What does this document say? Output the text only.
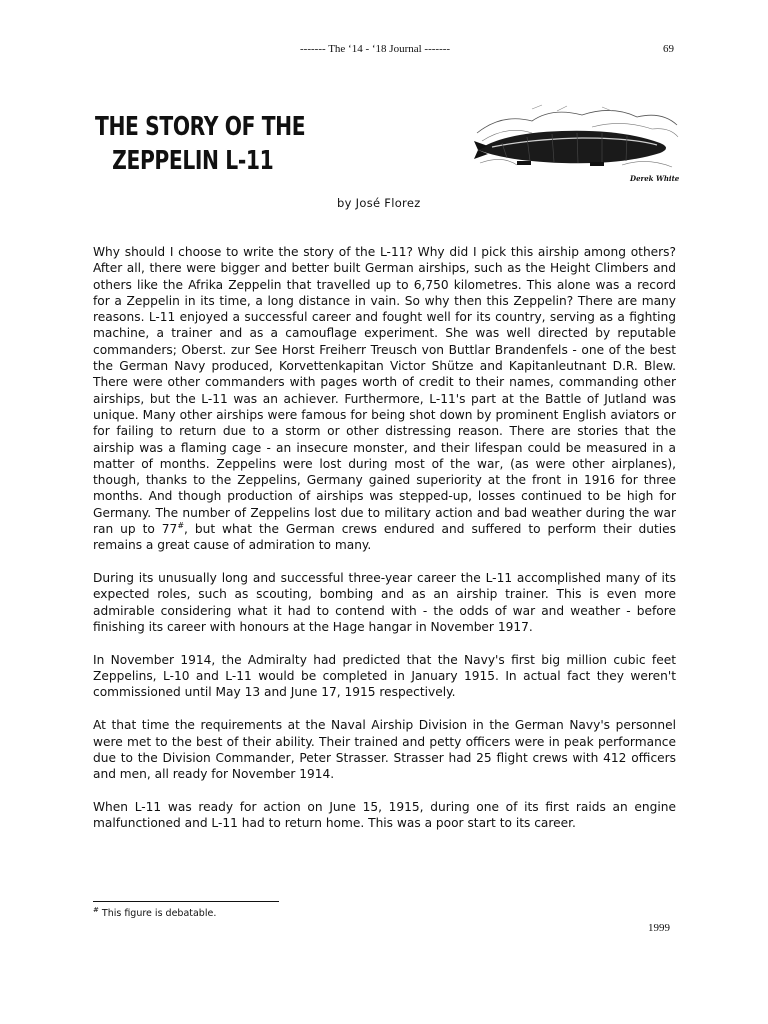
------- The ‘14 - ‘18 Journal -------	69
THE STORY OF THE
ZEPPELIN L-11
Derek White
by José Florez

Why should I choose to write the story of the L-11? Why did I pick this airship among others? After all, there were bigger and better built German airships, such as the Height Climbers and others like the Afrika Zeppelin that travelled up to 6,750 kilometres. This alone was a record for a Zeppelin in its time, a long distance in vain. So why then this Zeppelin? There are many reasons. L-11 enjoyed a successful career and fought well for its country, serving as a fighting machine, a trainer and as a camouflage experiment. She was well directed by reputable commanders; Oberst. zur See Horst Freiherr Treusch von Buttlar Brandenfels - one of the best the German Navy produced, Korvettenkapitan Victor Shütze and Kapitanleutnant D.R. Blew. There were other commanders with pages worth of credit to their names, commanding other airships, but the L-11 was an achiever. Furthermore, L-11's part at the Battle of Jutland was unique. Many other airships were famous for being shot down by prominent English aviators or for failing to return due to a storm or other distressing reason. There are stories that the airship was a flaming cage - an insecure monster, and their lifespan could be measured in a matter of months. Zeppelins were lost during most of the war, (as were other airplanes), though, thanks to the Zeppelins, Germany gained superiority at the front in 1916 for three months. And though production of airships was stepped-up, losses continued to be high for Germany. The number of Zeppelins lost due to military action and bad weather during the war ran up to 77#, but what the German crews endured and suffered to perform their duties remains a great cause of admiration to many.

During its unusually long and successful three-year career the L-11 accomplished many of its expected roles, such as scouting, bombing and as an airship trainer. This is even more admirable considering what it had to contend with - the odds of war and weather - before finishing its career with honours at the Hage hangar in November 1917.

In November 1914, the Admiralty had predicted that the Navy's first big million cubic feet Zeppelins, L-10 and L-11 would be completed in January 1915. In actual fact they weren't commissioned until May 13 and June 17, 1915 respectively.

At that time the requirements at the Naval Airship Division in the German Navy's personnel were met to the best of their ability. Their trained and petty officers were in peak performance due to the Division Commander, Peter Strasser. Strasser had 25 flight crews with 412 officers and men, all ready for November 1914.

When L-11 was ready for action on June 15, 1915, during one of its first raids an engine malfunctioned and L-11 had to return home. This was a poor start to its career.

# This figure is debatable.
1999
